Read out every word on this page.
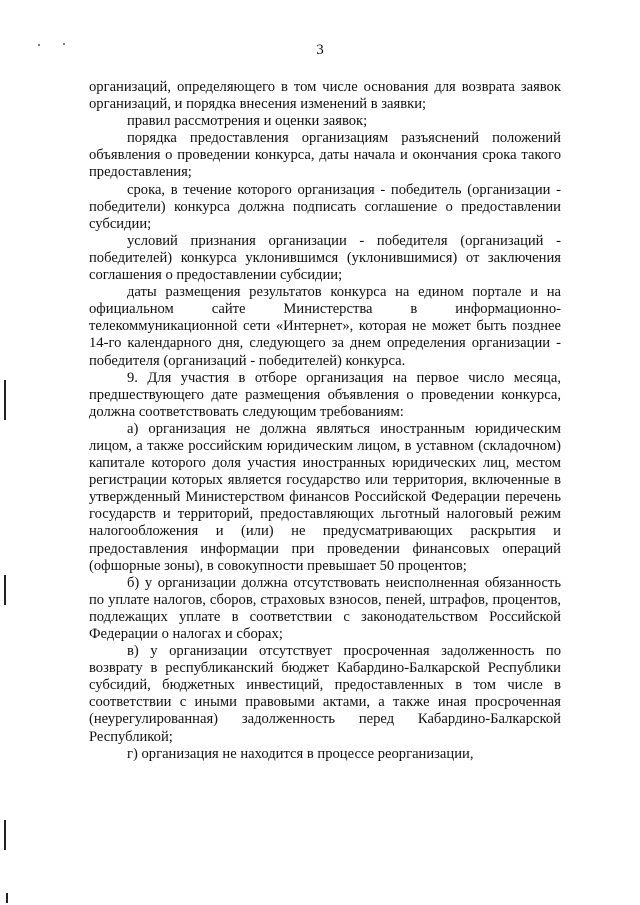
3

организаций, определяющего в том числе основания для возврата заявок организаций, и порядка внесения изменений в заявки;

правил рассмотрения и оценки заявок;

порядка предоставления организациям разъяснений положений объявления о проведении конкурса, даты начала и окончания срока такого предоставления;

срока, в течение которого организация - победитель (организации - победители) конкурса должна подписать соглашение о предоставлении субсидии;

условий признания организации - победителя (организаций - победителей) конкурса уклонившимся (уклонившимися) от заключения соглашения о предоставлении субсидии;

даты размещения результатов конкурса на едином портале и на официальном сайте Министерства в информационно-телекоммуникационной сети «Интернет», которая не может быть позднее 14-го календарного дня, следующего за днем определения организации - победителя (организаций - победителей) конкурса.

9. Для участия в отборе организация на первое число месяца, предшествующего дате размещения объявления о проведении конкурса, должна соответствовать следующим требованиям:

а) организация не должна являться иностранным юридическим лицом, а также российским юридическим лицом, в уставном (складочном) капитале которого доля участия иностранных юридических лиц, местом регистрации которых является государство или территория, включенные в утвержденный Министерством финансов Российской Федерации перечень государств и территорий, предоставляющих льготный налоговый режим налогообложения и (или) не предусматривающих раскрытия и предоставления информации при проведении финансовых операций (офшорные зоны), в совокупности превышает 50 процентов;

б) у организации должна отсутствовать неисполненная обязанность по уплате налогов, сборов, страховых взносов, пеней, штрафов, процентов, подлежащих уплате в соответствии с законодательством Российской Федерации о налогах и сборах;

в) у организации отсутствует просроченная задолженность по возврату в республиканский бюджет Кабардино-Балкарской Республики субсидий, бюджетных инвестиций, предоставленных в том числе в соответствии с иными правовыми актами, а также иная просроченная (неурегулированная) задолженность перед Кабардино-Балкарской Республикой;

г) организация не находится в процессе реорганизации,
